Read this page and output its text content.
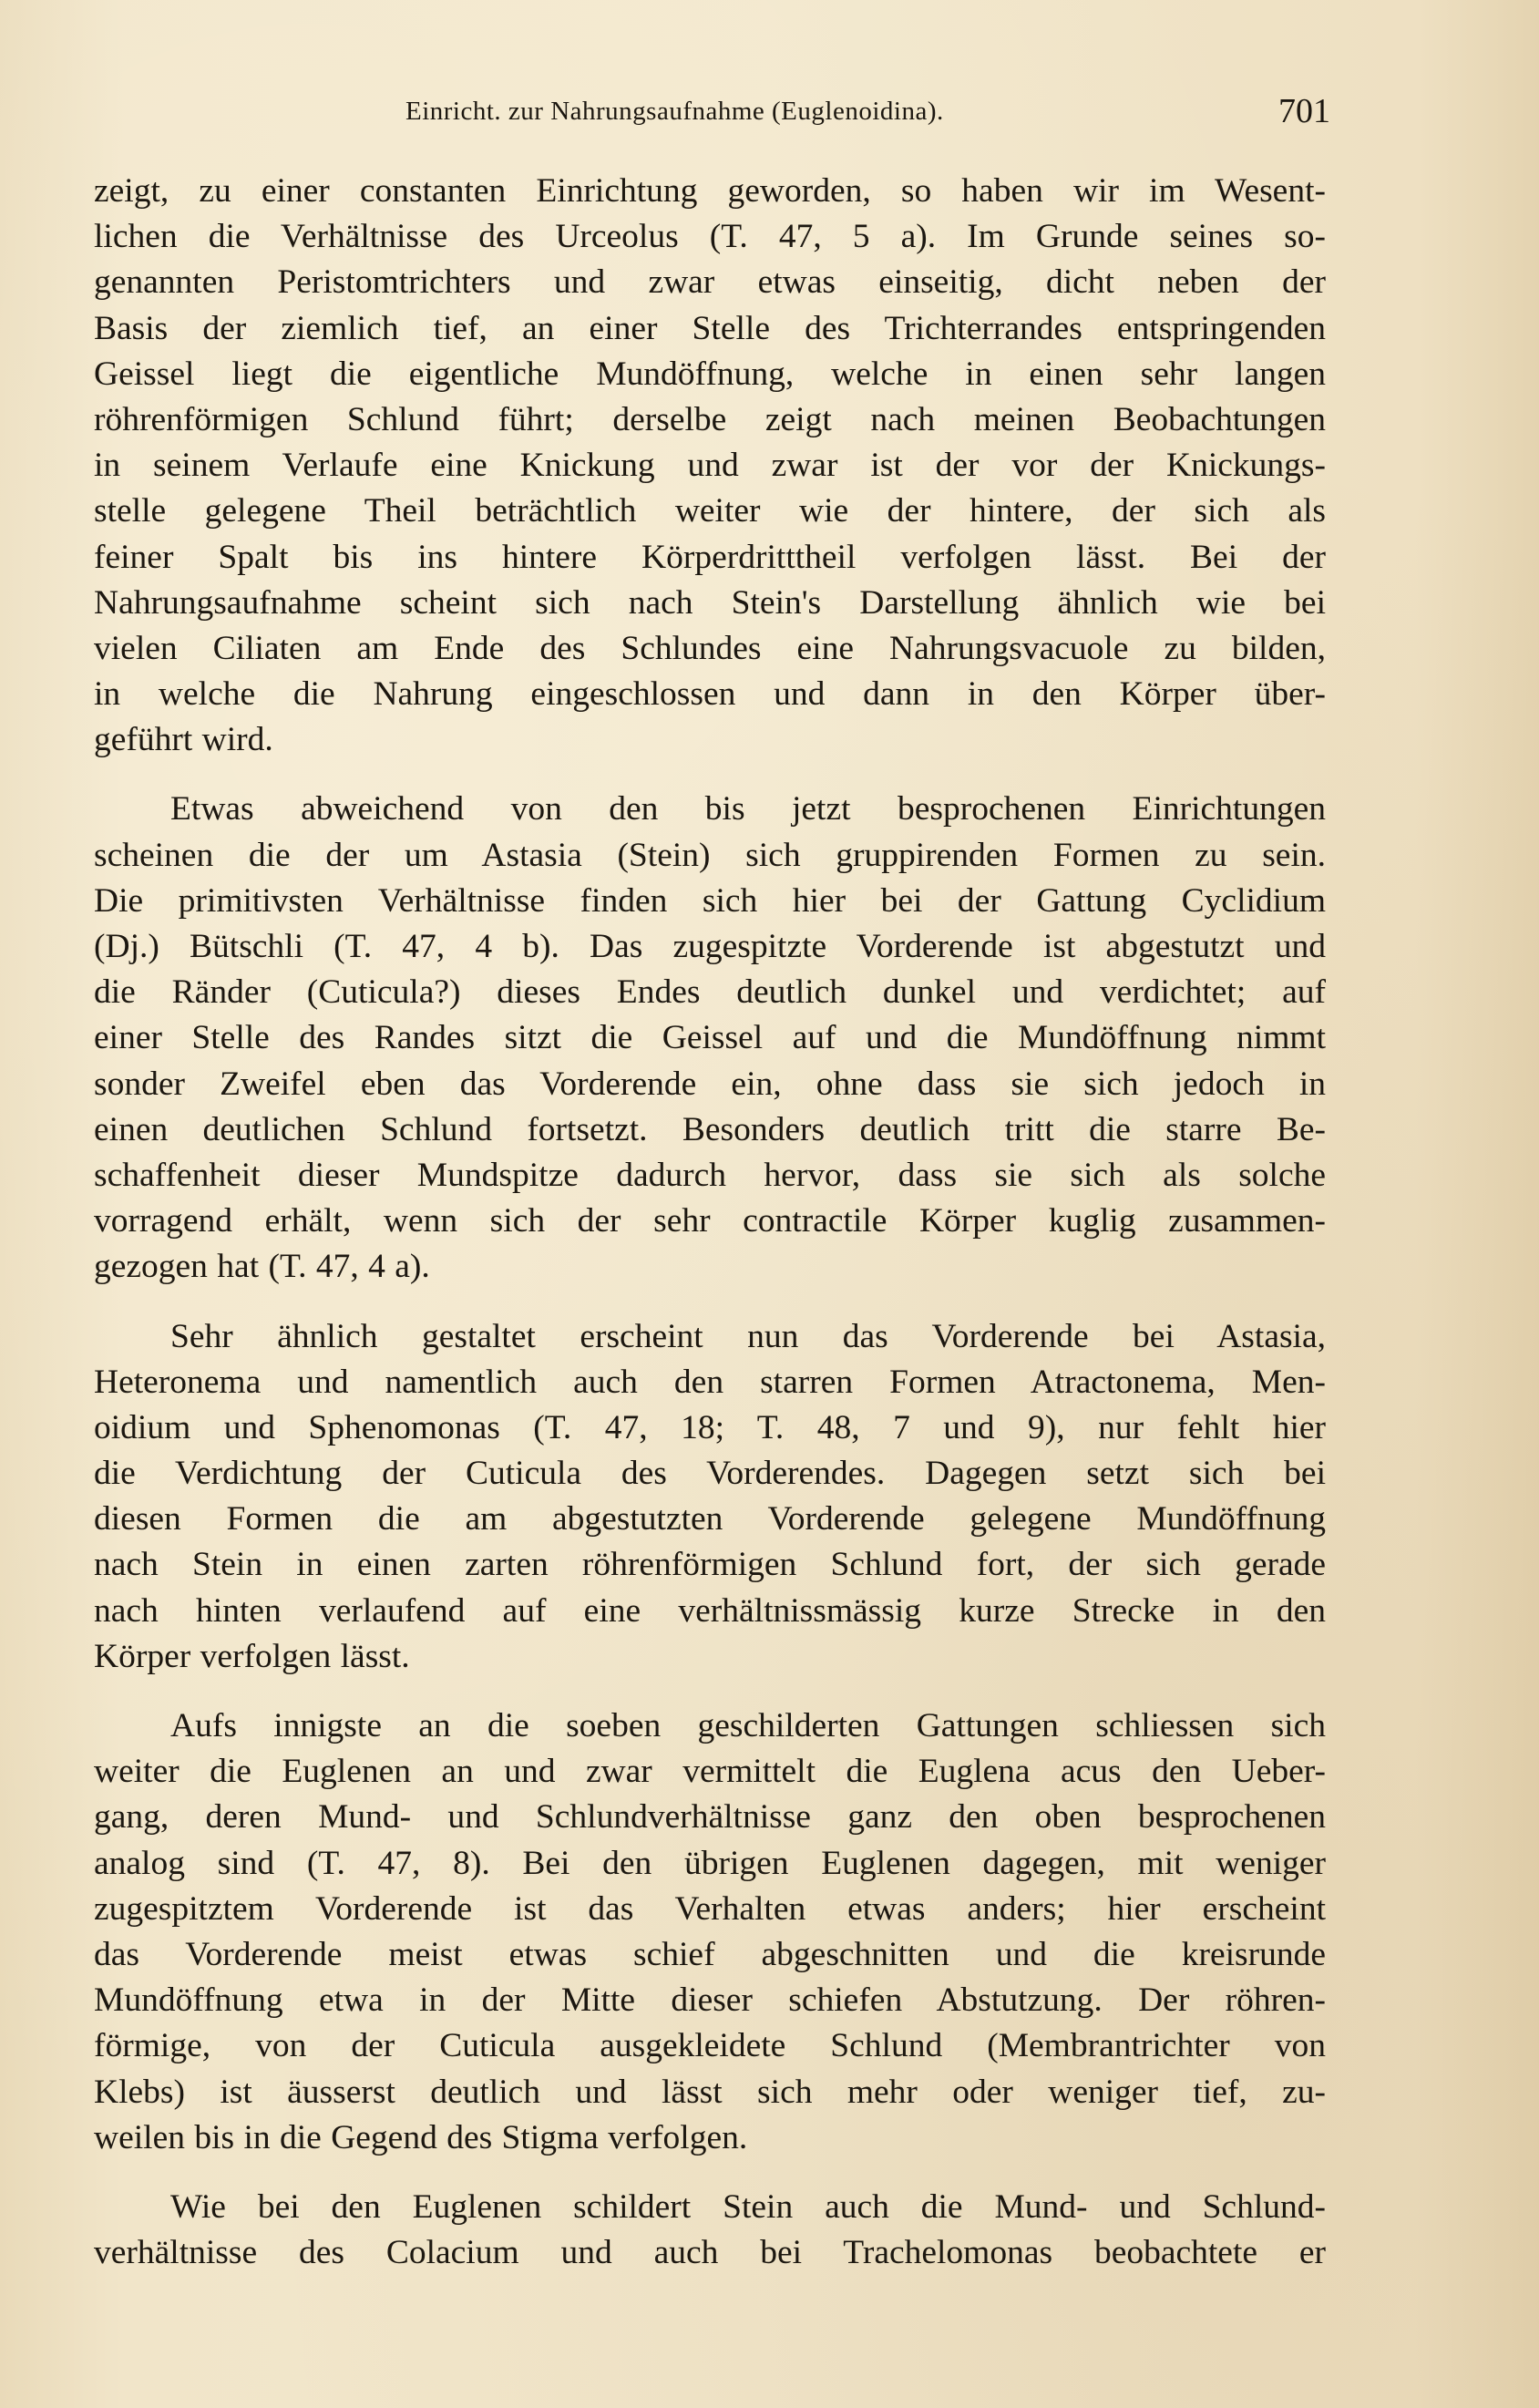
Einricht. zur Nahrungsaufnahme (Euglenoidina).	701
zeigt, zu einer constanten Einrichtung geworden, so haben wir im Wesent-
lichen die Verhältnisse des Urceolus (T. 47, 5 a). Im Grunde seines so-
genannten Peristomtrichters und zwar etwas einseitig, dicht neben der
Basis der ziemlich tief, an einer Stelle des Trichterrandes entspringenden
Geissel liegt die eigentliche Mundöffnung, welche in einen sehr langen
röhrenförmigen Schlund führt; derselbe zeigt nach meinen Beobachtungen
in seinem Verlaufe eine Knickung und zwar ist der vor der Knickungs-
stelle gelegene Theil beträchtlich weiter wie der hintere, der sich als
feiner Spalt bis ins hintere Körperdritttheil verfolgen lässt. Bei der
Nahrungsaufnahme scheint sich nach Stein's Darstellung ähnlich wie bei
vielen Ciliaten am Ende des Schlundes eine Nahrungsvacuole zu bilden,
in welche die Nahrung eingeschlossen und dann in den Körper über-
geführt wird.
Etwas abweichend von den bis jetzt besprochenen Einrichtungen
scheinen die der um Astasia (Stein) sich gruppirenden Formen zu sein.
Die primitivsten Verhältnisse finden sich hier bei der Gattung Cyclidium
(Dj.) Bütschli (T. 47, 4 b). Das zugespitzte Vorderende ist abgestutzt und
die Ränder (Cuticula?) dieses Endes deutlich dunkel und verdichtet; auf
einer Stelle des Randes sitzt die Geissel auf und die Mundöffnung nimmt
sonder Zweifel eben das Vorderende ein, ohne dass sie sich jedoch in
einen deutlichen Schlund fortsetzt. Besonders deutlich tritt die starre Be-
schaffenheit dieser Mundspitze dadurch hervor, dass sie sich als solche
vorragend erhält, wenn sich der sehr contractile Körper kuglig zusammen-
gezogen hat (T. 47, 4 a).
Sehr ähnlich gestaltet erscheint nun das Vorderende bei Astasia,
Heteronema und namentlich auch den starren Formen Atractonema, Men-
oidium und Sphenomonas (T. 47, 18; T. 48, 7 und 9), nur fehlt hier
die Verdichtung der Cuticula des Vorderendes. Dagegen setzt sich bei
diesen Formen die am abgestutzten Vorderende gelegene Mundöffnung
nach Stein in einen zarten röhrenförmigen Schlund fort, der sich gerade
nach hinten verlaufend auf eine verhältnissmässig kurze Strecke in den
Körper verfolgen lässt.
Aufs innigste an die soeben geschilderten Gattungen schliessen sich
weiter die Euglenen an und zwar vermittelt die Euglena acus den Ueber-
gang, deren Mund- und Schlundverhältnisse ganz den oben besprochenen
analog sind (T. 47, 8). Bei den übrigen Euglenen dagegen, mit weniger
zugespitztem Vorderende ist das Verhalten etwas anders; hier erscheint
das Vorderende meist etwas schief abgeschnitten und die kreisrunde
Mundöffnung etwa in der Mitte dieser schiefen Abstutzung. Der röhren-
förmige, von der Cuticula ausgekleidete Schlund (Membrantrichter von
Klebs) ist äusserst deutlich und lässt sich mehr oder weniger tief, zu-
weilen bis in die Gegend des Stigma verfolgen.
Wie bei den Euglenen schildert Stein auch die Mund- und Schlund-
verhältnisse des Colacium und auch bei Trachelomonas beobachtete er
